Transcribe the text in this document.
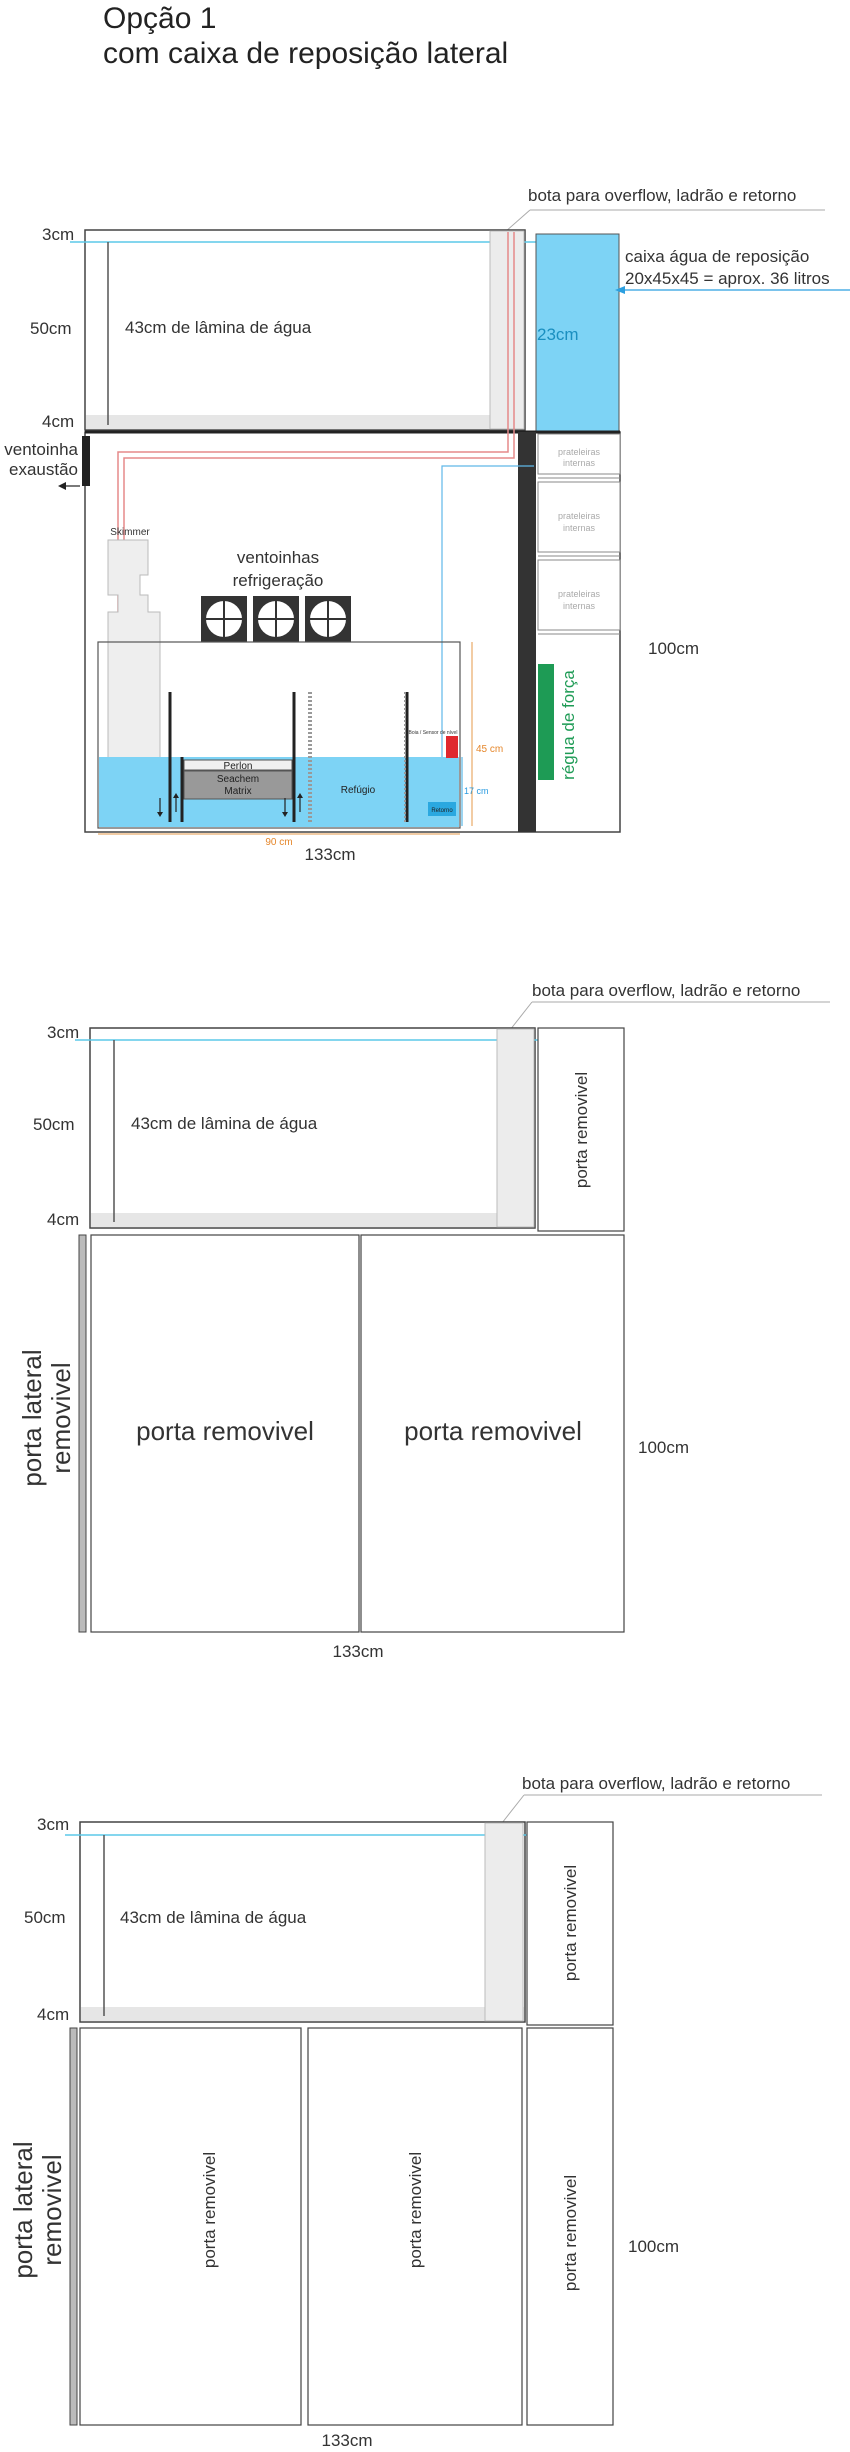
Opção 1
com caixa de reposição lateral
bota para overflow, ladrão e retorno
3cm
50cm
4cm
43cm de lâmina de água	23cm
caixa água de reposição
20x45x45 = aprox. 36 litros
ventoinha
exaustão
prateleiras
internas
prateleiras
internas
prateleiras
internas
régua de força
100cm
Skimmer
ventoinhas
refrigeração
Perlon
Seachem
Matrix	Refúgio
Boia / Sensor de nível
Retorno
45 cm
17 cm
90 cm
133cm
bota para overflow, ladrão e retorno
3cm
50cm
4cm
43cm de lâmina de água	porta removivel
porta lateral removivel porta removivel	porta removivel
100cm
133cm
bota para overflow, ladrão e retorno
3cm
50cm
4cm
43cm de lâmina de água	porta removivel
porta lateral removivel	porta removivel	porta removivel	porta removivel	100cm
133cm
